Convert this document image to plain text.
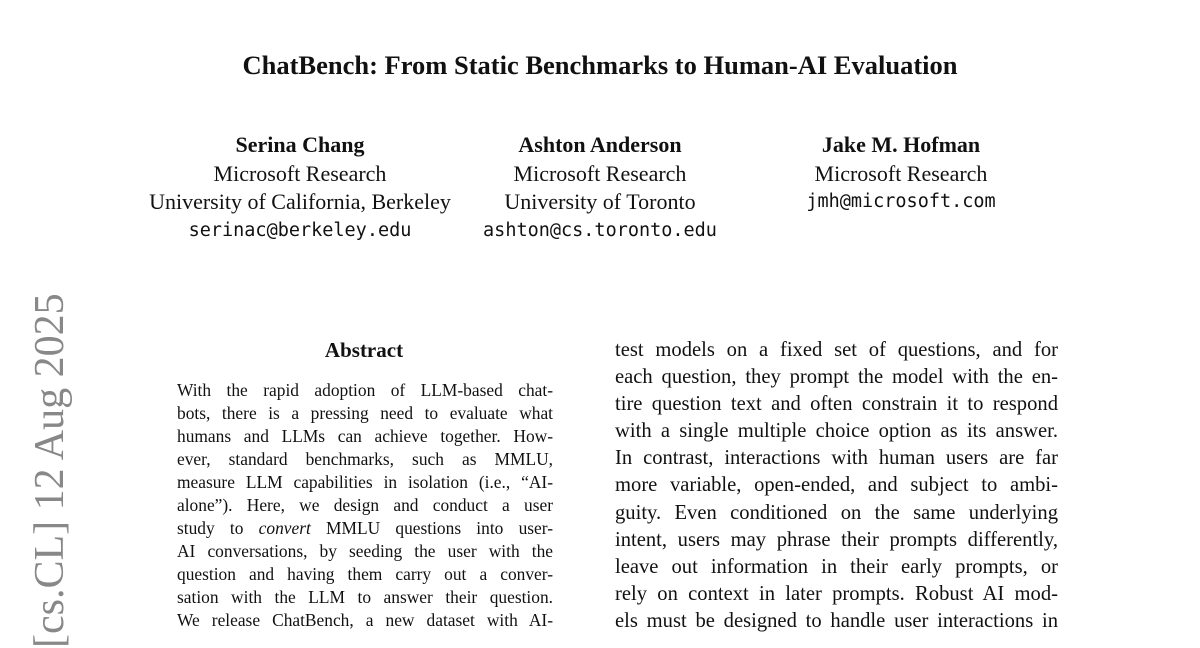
ChatBench: From Static Benchmarks to Human-AI Evaluation
Serina Chang
Microsoft Research
University of California, Berkeley
serinac@berkeley.edu
Ashton Anderson
Microsoft Research
University of Toronto
ashton@cs.toronto.edu
Jake M. Hofman
Microsoft Research
jmh@microsoft.com
[cs.CL] 12 Aug 2025	Abstract
With the rapid adoption of LLM-based chat-
bots, there is a pressing need to evaluate what
humans and LLMs can achieve together. How-
ever, standard benchmarks, such as MMLU,
measure LLM capabilities in isolation (i.e., “AI-
alone”). Here, we design and conduct a user
study to convert MMLU questions into user-
AI conversations, by seeding the user with the
question and having them carry out a conver-
sation with the LLM to answer their question.
We release ChatBench, a new dataset with AI-
test models on a fixed set of questions, and for
each question, they prompt the model with the en-
tire question text and often constrain it to respond
with a single multiple choice option as its answer.
In contrast, interactions with human users are far
more variable, open-ended, and subject to ambi-
guity. Even conditioned on the same underlying
intent, users may phrase their prompts differently,
leave out information in their early prompts, or
rely on context in later prompts. Robust AI mod-
els must be designed to handle user interactions in
